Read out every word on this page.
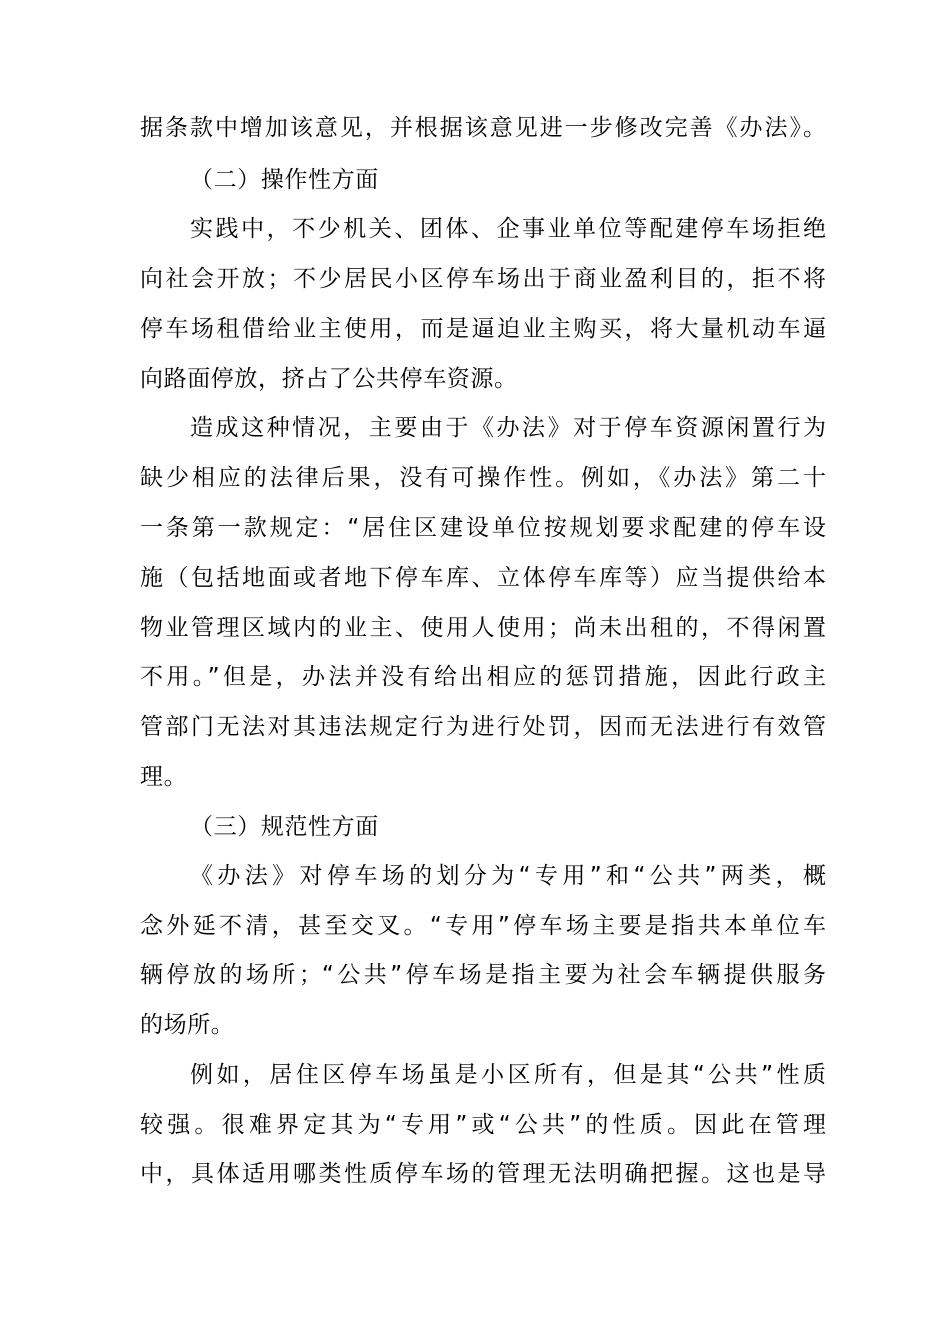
据条款中增加该意见，并根据该意见进一步修改完善《办法》。
（二）操作性方面
实践中，不少机关、团体、企事业单位等配建停车场拒绝
向社会开放；不少居民小区停车场出于商业盈利目的，拒不将
停车场租借给业主使用，而是逼迫业主购买，将大量机动车逼
向路面停放，挤占了公共停车资源。
造成这种情况，主要由于《办法》对于停车资源闲置行为
缺少相应的法律后果，没有可操作性。例如，《办法》第二十
一条第一款规定：“居住区建设单位按规划要求配建的停车设
施（包括地面或者地下停车库、立体停车库等）应当提供给本
物业管理区域内的业主、使用人使用；尚未出租的，不得闲置
不用。”但是，办法并没有给出相应的惩罚措施，因此行政主
管部门无法对其违法规定行为进行处罚，因而无法进行有效管
理。
（三）规范性方面
《办法》对停车场的划分为“专用”和“公共”两类，概
念外延不清，甚至交叉。“专用”停车场主要是指共本单位车
辆停放的场所；“公共”停车场是指主要为社会车辆提供服务
的场所。
例如，居住区停车场虽是小区所有，但是其“公共”性质
较强。很难界定其为“专用”或“公共”的性质。因此在管理
中，具体适用哪类性质停车场的管理无法明确把握。这也是导
